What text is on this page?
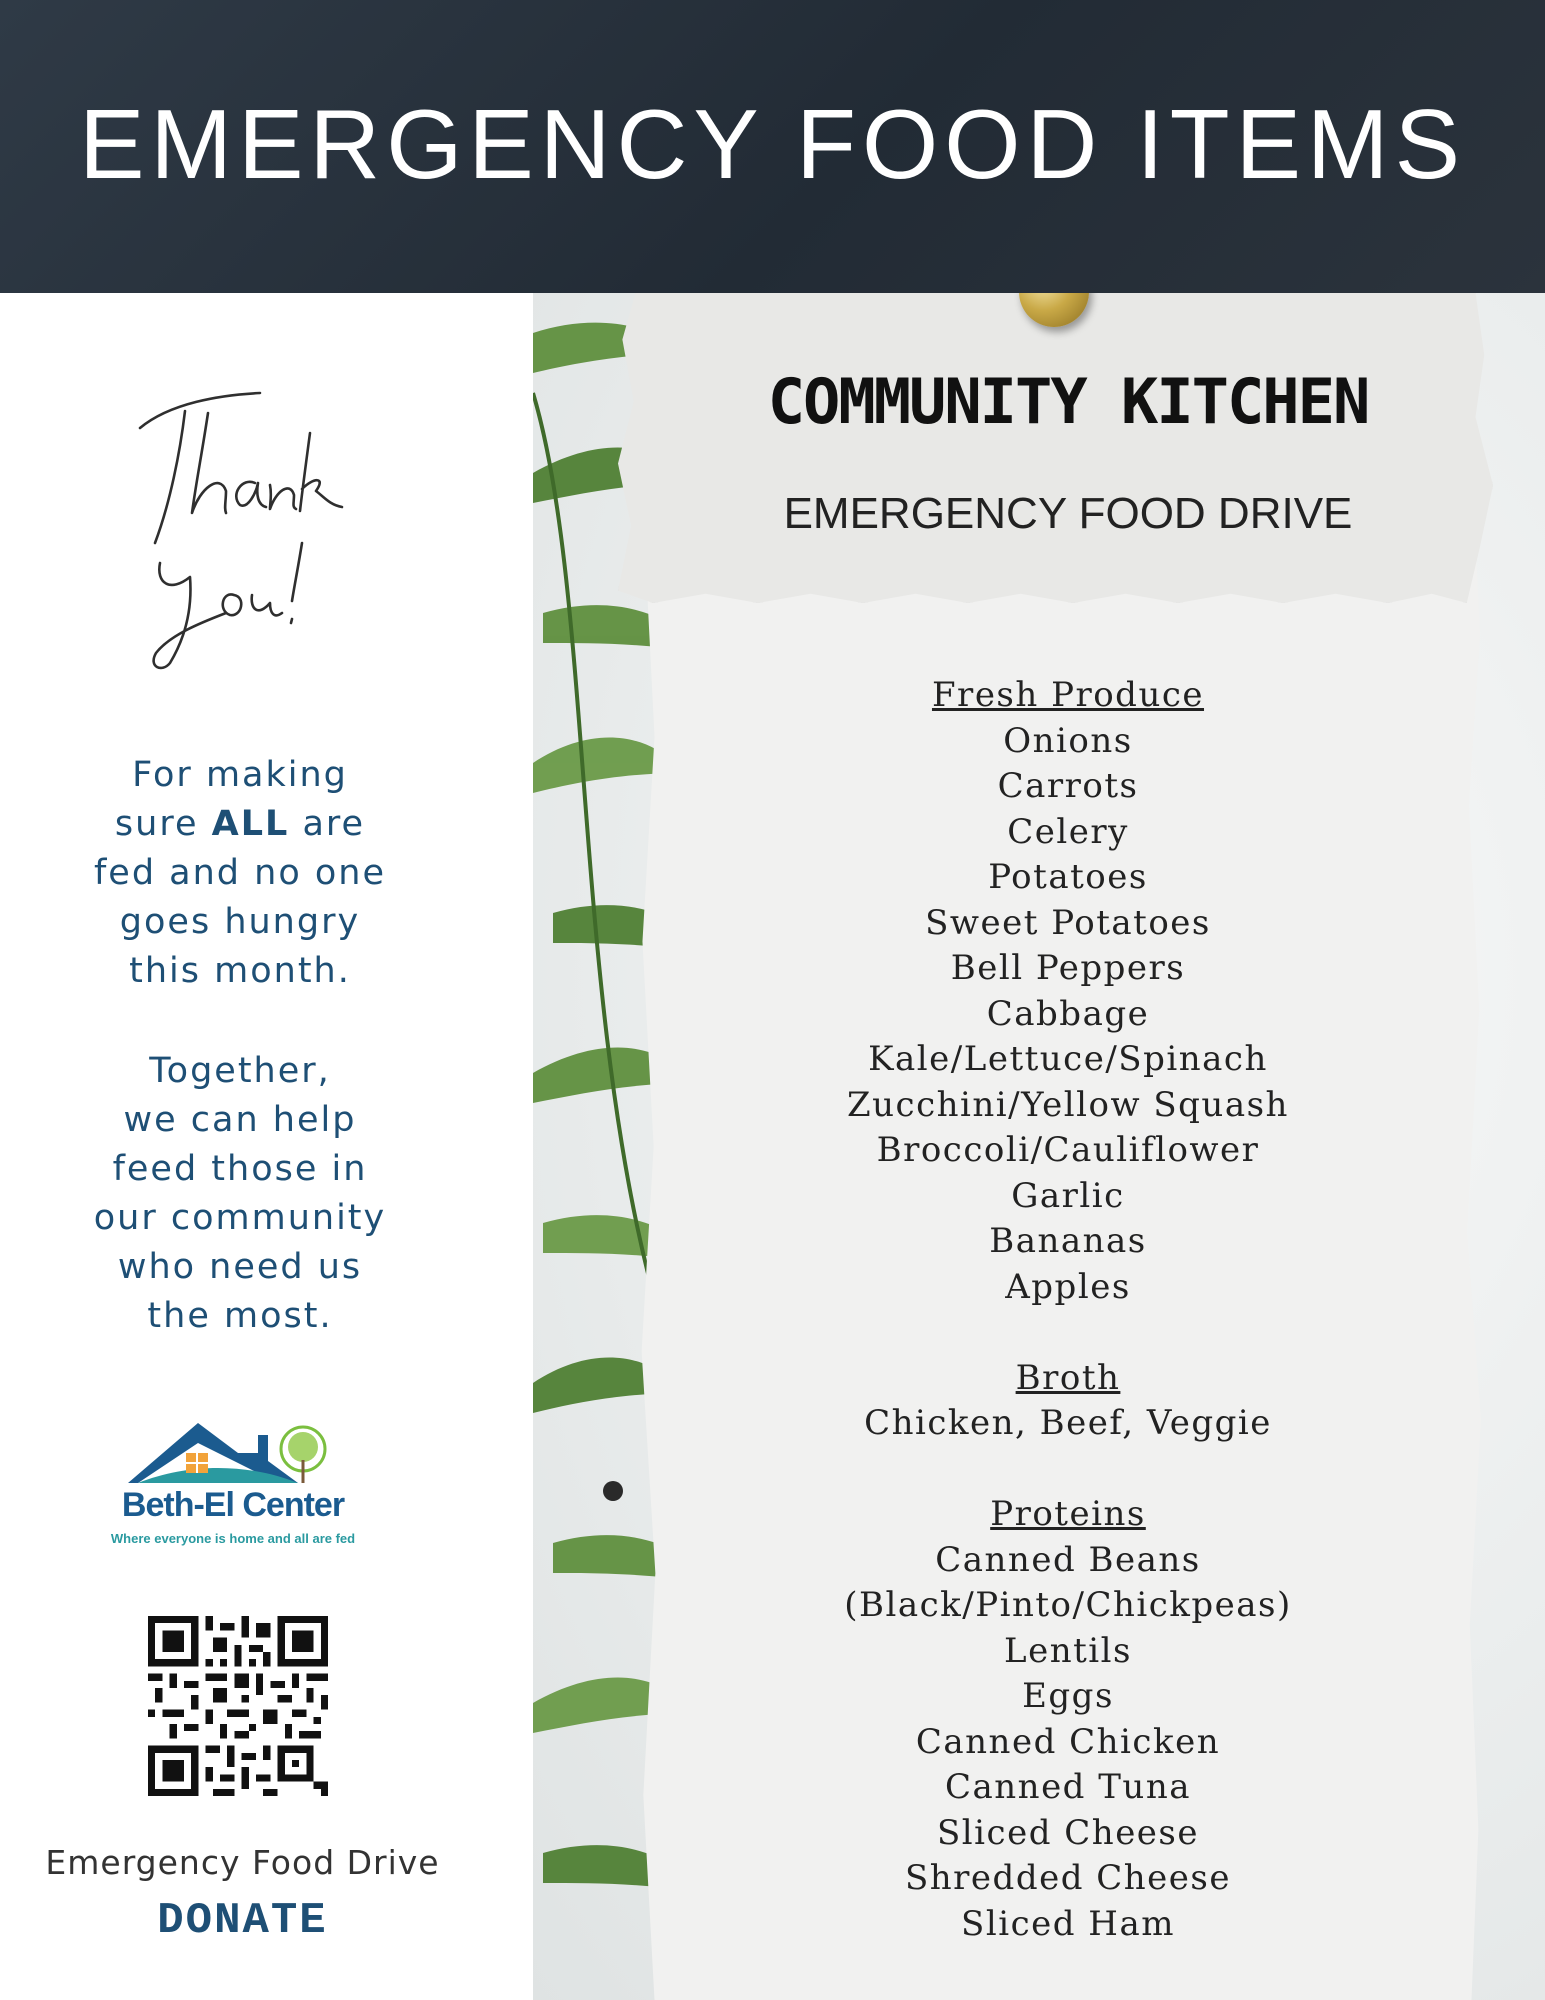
EMERGENCY FOOD ITEMS
For making
sure ALL are
fed and no one
goes hungry
this month.
Together,
we can help
feed those in
our community
who need us
the most.
Beth-El Center
Where everyone is home and all are fed
Emergency Food Drive
DONATE
COMMUNITY KITCHEN
EMERGENCY FOOD DRIVE
Fresh Produce
Onions
Carrots
Celery
Potatoes
Sweet Potatoes
Bell Peppers
Cabbage
Kale/Lettuce/Spinach
Zucchini/Yellow Squash
Broccoli/Cauliflower
Garlic
Bananas
Apples
Broth
Chicken, Beef, Veggie
Proteins
Canned Beans
(Black/Pinto/Chickpeas)
Lentils
Eggs
Canned Chicken
Canned Tuna
Sliced Cheese
Shredded Cheese
Sliced Ham
